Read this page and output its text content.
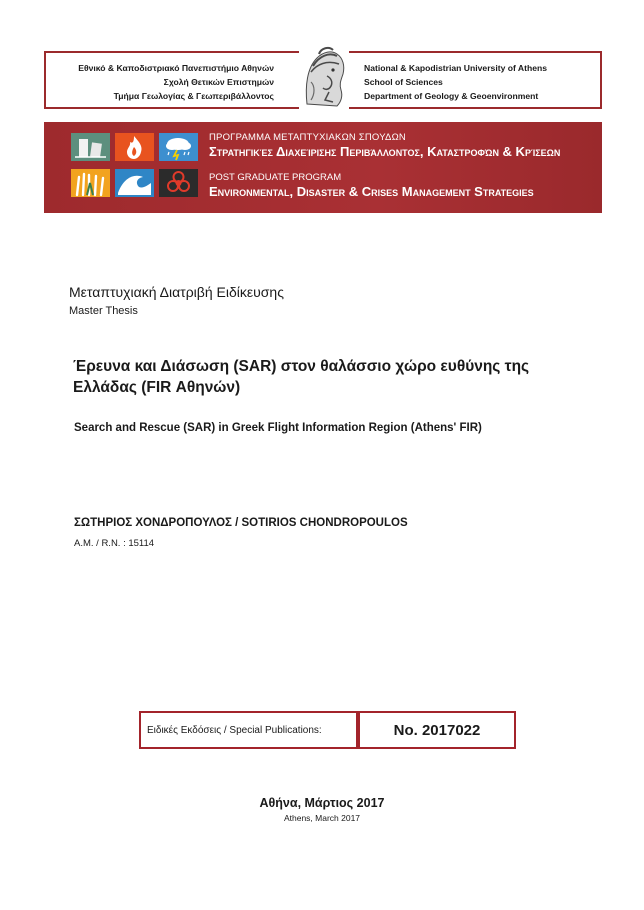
Εθνικό & Καποδιστριακό Πανεπιστήμιο Αθηνών
Σχολή Θετικών Επιστημών
Τμήμα Γεωλογίας & Γεωπεριβάλλοντος
National & Kapodistrian University of Athens
School of Sciences
Department of Geology & Geoenvironment
ΠΡΟΓΡΑΜΜΑ ΜΕΤΑΠΤΥΧΙΑΚΩΝ ΣΠΟΥΔΩΝ
Στρατηγικές Διαχείρισης Περιβάλλοντος, Καταστροφών & Κρίσεων
POST GRADUATE PROGRAM
Environmental, Disaster & Crises Management Strategies
Μεταπτυχιακή Διατριβή Ειδίκευσης
Master Thesis
Έρευνα και Διάσωση (SAR) στον θαλάσσιο χώρο ευθύνης της Ελλάδας (FIR Αθηνών)
Search and Rescue (SAR) in Greek Flight Information Region (Athens' FIR)
ΣΩΤΗΡΙΟΣ ΧΟΝΔΡΟΠΟΥΛΟΣ / SOTIRIOS CHONDROPOULOS
A.M. / R.N. : 15114
Ειδικές Εκδόσεις / Special Publications:	No. 2017022
Αθήνα, Μάρτιος 2017
Athens, March 2017
